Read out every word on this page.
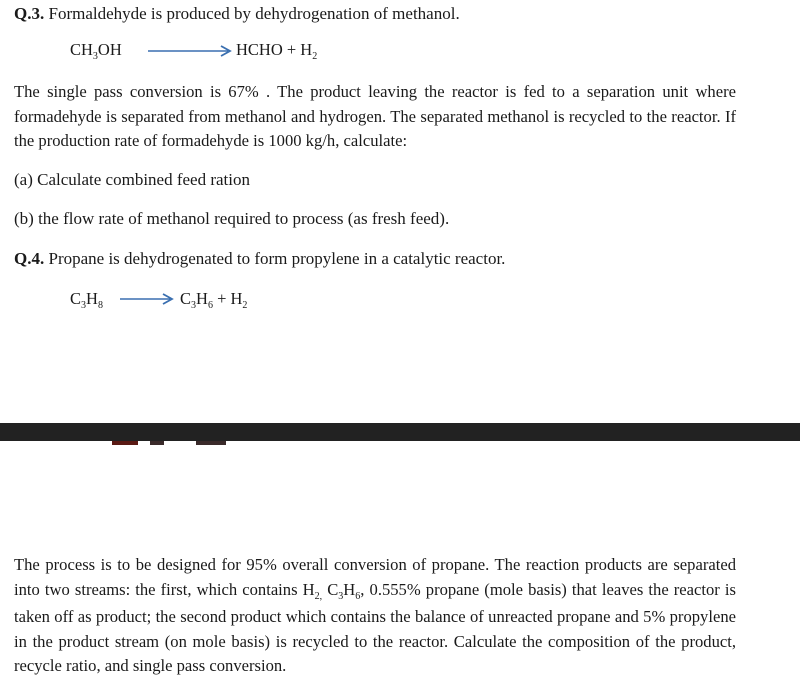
Q.3. Formaldehyde is produced by dehydrogenation of methanol.
$CH_3OH$	HCHO + $H_2$
The single pass conversion is 67% . The product leaving the reactor is fed to a separation unit where formadehyde is separated from methanol and hydrogen. The separated methanol is recycled to the reactor. If the production rate of formadehyde is 1000 kg/h, calculate:
(a) Calculate combined feed ration
(b) the flow rate of methanol required to process (as fresh feed).
Q.4. Propane is dehydrogenated to form propylene in a catalytic reactor.
$C_3H_8 \to C_3H_6 + H_2$
The process is to be designed for 95% overall conversion of propane. The reaction products are separated into two streams: the first, which contains $H_{2,}$ $C_3H_6$, 0.555% propane (mole basis) that leaves the reactor is taken off as product; the second product which contains the balance of unreacted propane and 5% propylene in the product stream (on mole basis) is recycled to the reactor. Calculate the composition of the product, recycle ratio, and single pass conversion.
